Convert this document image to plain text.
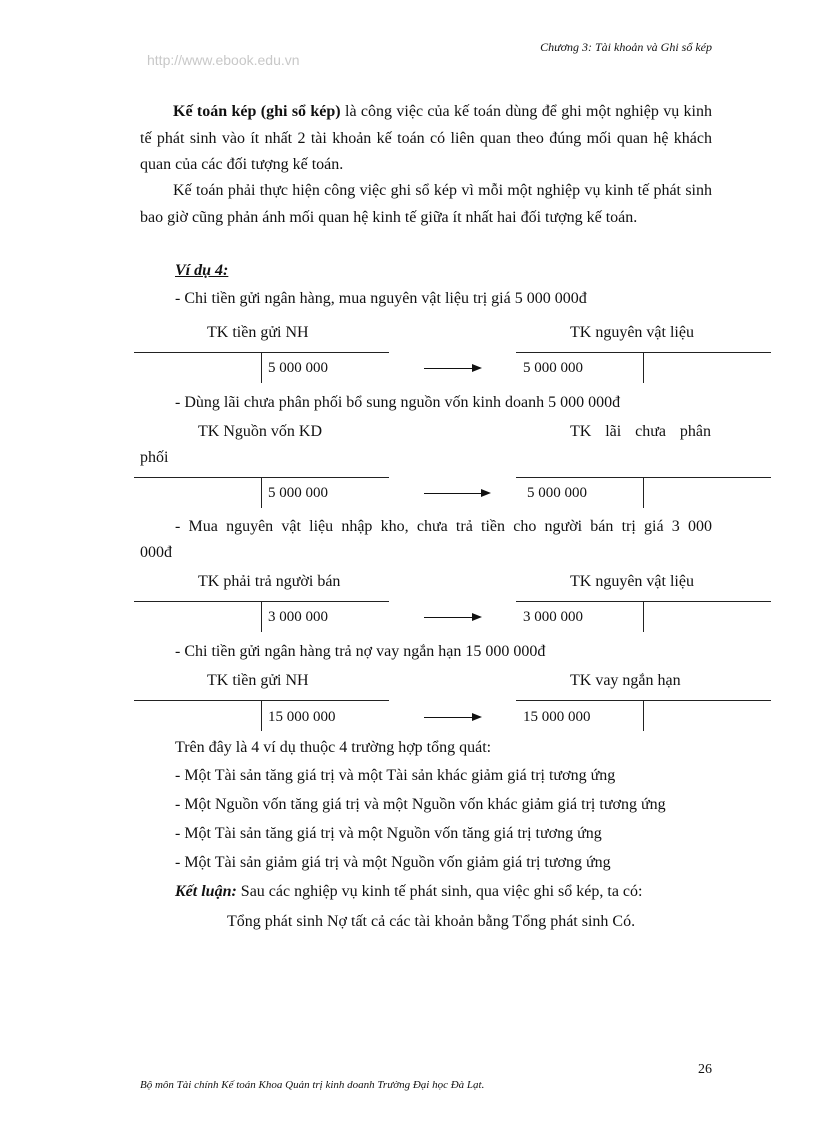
http://www.ebook.edu.vn
Chương 3: Tài khoản và Ghi sổ kép
Kế toán kép (ghi sổ kép) là công việc của kế toán dùng để ghi một nghiệp vụ kinh tế phát sinh vào ít nhất 2 tài khoản kế toán có liên quan theo đúng mối quan hệ khách quan của các đối tượng kế toán.
Kế toán phải thực hiện công việc ghi sổ kép vì mỗi một nghiệp vụ kinh tế phát sinh bao giờ cũng phản ánh mối quan hệ kinh tế giữa ít nhất hai đối tượng kế toán.
Ví dụ 4:
- Chi tiền gửi ngân hàng, mua nguyên vật liệu trị giá 5 000 000đ
TK tiền gửi NH	TK nguyên vật liệu
5 000 000	5 000 000
- Dùng lãi chưa phân phối bổ sung nguồn vốn kinh doanh 5 000 000đ
TK Nguồn vốn KD	TK lãi chưa phân
phối
5 000 000	5 000 000
- Mua nguyên vật liệu nhập kho, chưa trả tiền cho người bán trị giá 3 000
000đ
TK phải trả người bán	TK nguyên vật liệu
3 000 000	3 000 000
- Chi tiền gửi ngân hàng trả nợ vay ngắn hạn 15 000 000đ
TK tiền gửi NH	TK vay ngắn hạn
15 000 000	15 000 000
Trên đây là 4 ví dụ thuộc 4 trường hợp tổng quát:
- Một Tài sản tăng giá trị và một Tài sản khác giảm giá trị tương ứng
- Một Nguồn vốn tăng giá trị và một Nguồn vốn khác giảm giá trị tương ứng
- Một Tài sản tăng giá trị và một Nguồn vốn tăng giá trị tương ứng
- Một Tài sản giảm giá trị và một Nguồn vốn giảm giá trị tương ứng
Kết luận: Sau các nghiệp vụ kinh tế phát sinh, qua việc ghi sổ kép, ta có:
Tổng phát sinh Nợ tất cả các tài khoản bằng Tổng phát sinh Có.
26
Bộ môn Tài chính Kế toán Khoa Quản trị kinh doanh Trường Đại học Đà Lạt.
